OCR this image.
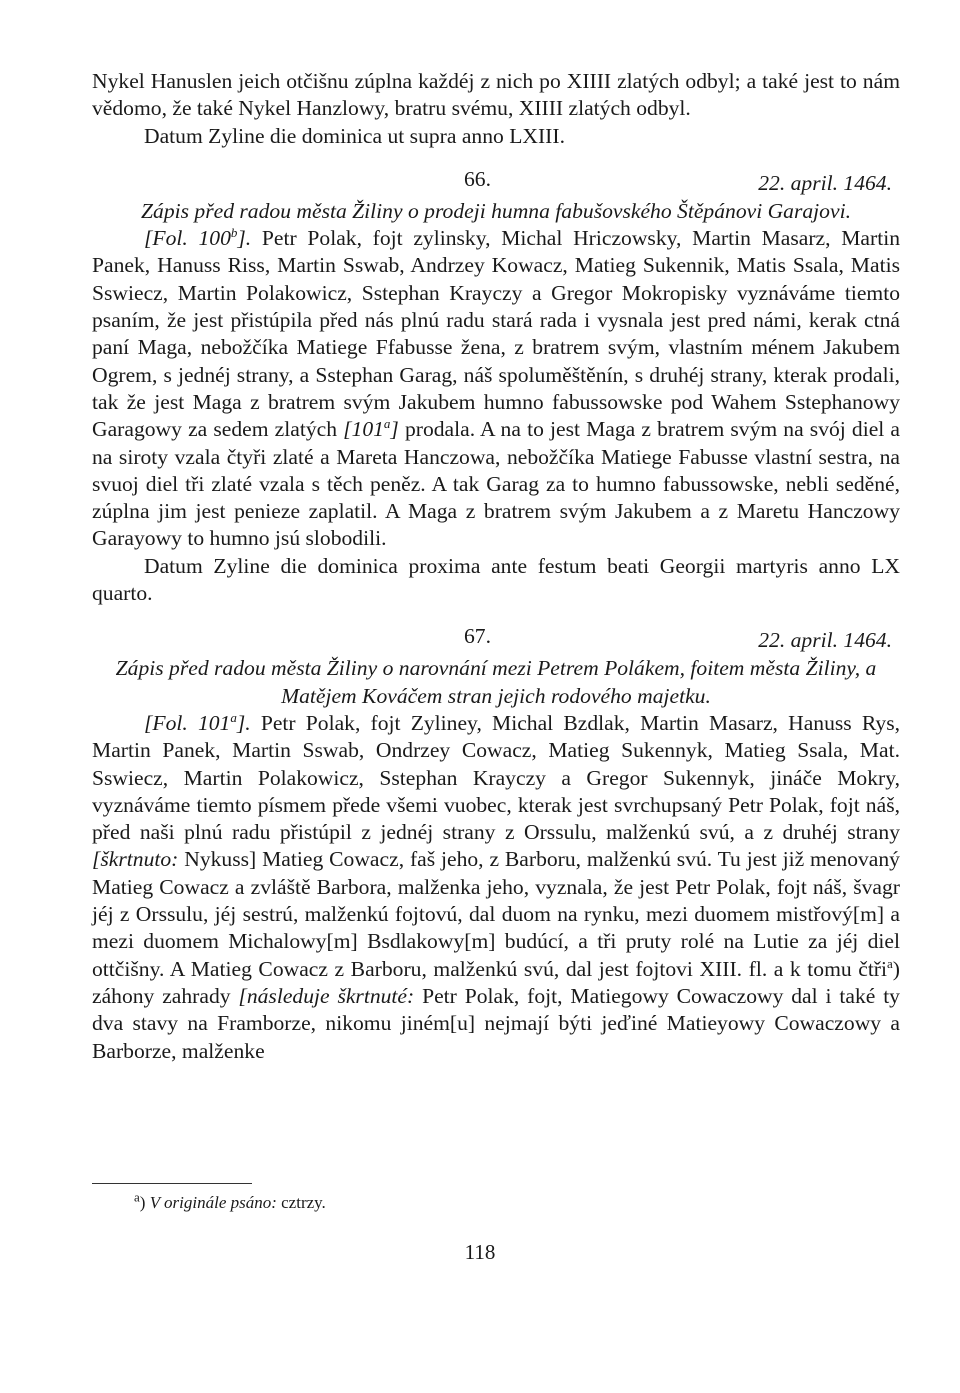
Nykel Hanuslen jeich otčišnu zúplna každéj z nich po XIIII zlatých odbyl; a také jest to nám vědomo, že také Nykel Hanzlowy, bratru svému, XIIII zlatých odbyl.

Datum Zyline die dominica ut supra anno LXIII.

66.	22. april. 1464.

Zápis před radou města Žiliny o prodeji humna fabušovského Štěpánovi Garajovi.

[Fol. 100$^b$]. Petr Polak, fojt zylinsky, Michal Hriczowsky, Martin Masarz, Martin Panek, Hanuss Riss, Martin Sswab, Andrzey Kowacz, Matieg Sukennik, Matis Ssala, Matis Sswiecz, Martin Polakowicz, Sstephan Krayczy a Gregor Mokropisky vyznáváme tiemto psaním, že jest přistúpila před nás plnú radu stará rada i vysnala jest pred námi, kerak ctná paní Maga, nebožčíka Matiege Ffabusse žena, z bratrem svým, vlastním ménem Jakubem Ogrem, s jednéj strany, a Sstephan Garag, náš spoluměštěnín, s druhéj strany, kterak prodali, tak že jest Maga z bratrem svým Jakubem humno fabussowske pod Wahem Sstephanowy Garagowy za sedem zlatých [101$^a$] prodala. A na to jest Maga z bratrem svým na svój diel a na siroty vzala čtyři zlaté a Mareta Hanczowa, nebožčíka Matiege Fabusse vlastní sestra, na svuoj diel tři zlaté vzala s těch peněz. A tak Garag za to humno fabussowske, nebli seděné, zúplna jim jest penieze zaplatil. A Maga z bratrem svým Jakubem a z Maretu Hanczowy Garayowy to humno jsú slobodili.

Datum Zyline die dominica proxima ante festum beati Georgii martyris anno LX quarto.

67.	22. april. 1464.

Zápis před radou města Žiliny o narovnání mezi Petrem Polákem, foitem města Žiliny, a Matějem Kováčem stran jejich rodového majetku.

[Fol. 101$^a$]. Petr Polak, fojt Zyliney, Michal Bzdlak, Martin Masarz, Hanuss Rys, Martin Panek, Martin Sswab, Ondrzey Cowacz, Matieg Sukennyk, Matieg Ssala, Mat. Sswiecz, Martin Polakowicz, Sstephan Krayczy a Gregor Sukennyk, jináče Mokry, vyznáváme tiemto písmem přede všemi vuobec, kterak jest svrchupsaný Petr Polak, fojt náš, před naši plnú radu přistúpil z jednéj strany z Orssulu, malženkú svú, a z druhéj strany [škrtnuto: Nykuss] Matieg Cowacz, faš jeho, z Barboru, malženkú svú. Tu jest již menovaný Matieg Cowacz a zvláště Barbora, malženka jeho, vyznala, že jest Petr Polak, fojt náš, švagr jéj z Orssulu, jéj sestrú, malženkú fojtovú, dal duom na rynku, mezi duomem mistřový[m] a mezi duomem Michalowy[m] Bsdlakowy[m] budúcí, a tři pruty rolé na Lutie za jéj diel ottčišny. A Matieg Cowacz z Barboru, malženkú svú, dal jest fojtovi XIII. fl. a k tomu čtři$^a$) záhony zahrady [následuje škrtnuté: Petr Polak, fojt, Matiegowy Cowaczowy dal i také ty dva stavy na Framborze, nikomu jiném[u] nejmají býti jeďiné Matieyowy Cowaczowy a Barborze, malženke

$^a$) V originále psáno: cztrzy.
118
